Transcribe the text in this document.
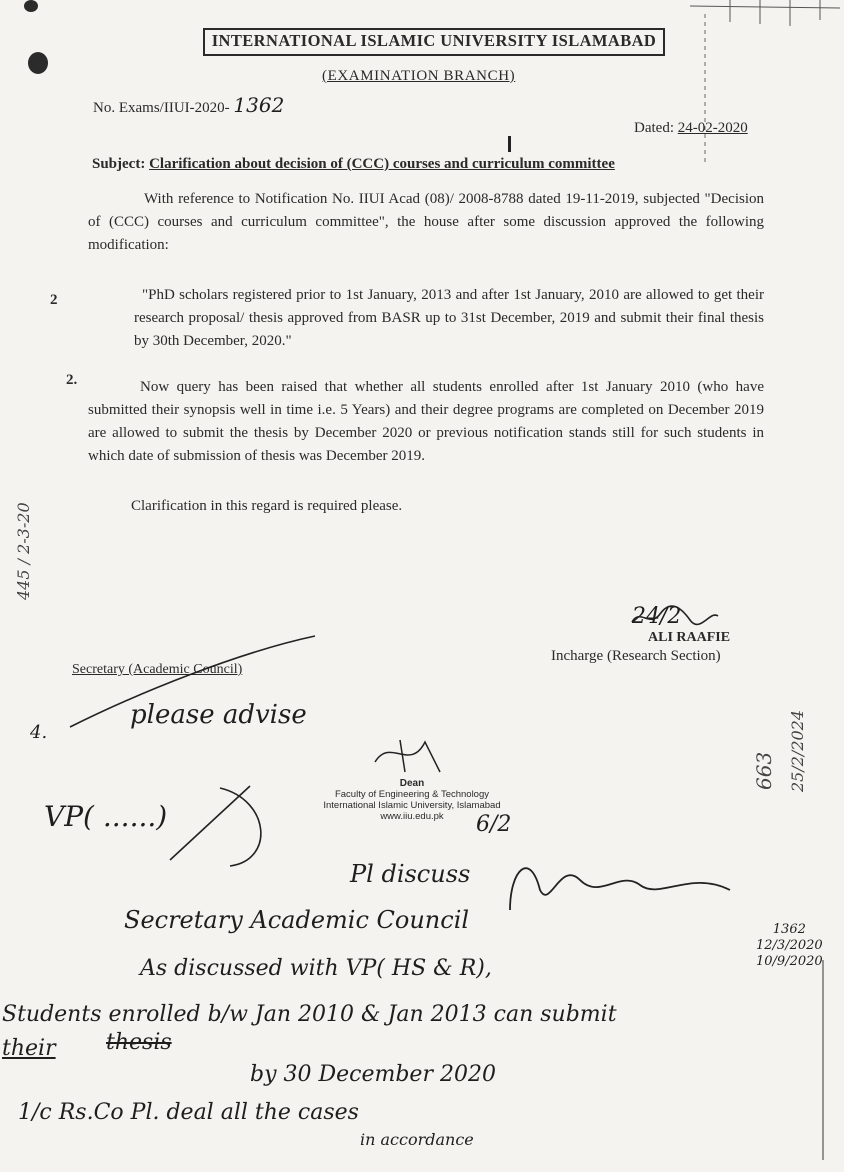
INTERNATIONAL ISLAMIC UNIVERSITY ISLAMABAD
(EXAMINATION BRANCH)
No. Exams/IIUI-2020- 1362
Dated: 24-02-2020
Subject: Clarification about decision of (CCC) courses and curriculum committee
With reference to Notification No. IIUI Acad (08)/ 2008-8788 dated 19-11-2019, subjected "Decision of (CCC) courses and curriculum committee", the house after some discussion approved the following modification:
2	"PhD scholars registered prior to 1st January, 2013 and after 1st January, 2010 are allowed to get their research proposal/ thesis approved from BASR up to 31st December, 2019 and submit their final thesis by 30th December, 2020."
2.	Now query has been raised that whether all students enrolled after 1st January 2010 (who have submitted their synopsis well in time i.e. 5 Years) and their degree programs are completed on December 2019 are allowed to submit the thesis by December 2020 or previous notification stands still for such students in which date of submission of thesis was December 2019.
Clarification in this regard is required please.
445 / 2-3-20
24/2
ALI RAAFIE
Incharge (Research Section)
Secretary (Academic Council)
4.
please advise
Dean
Faculty of Engineering & Technology
International Islamic University, Islamabad
www.iiu.edu.pk	6/2
VP( ......)
Pl discuss
Secretary Academic Council	1362
12/3/2020
10/9/2020
As discussed with VP( HS & R),
Students enrolled b/w Jan 2010 & Jan 2013 can submit
their thesis
by 30 December 2020
1/c Rs.Co Pl. deal all the cases
in accordance
25/2/2024
663
